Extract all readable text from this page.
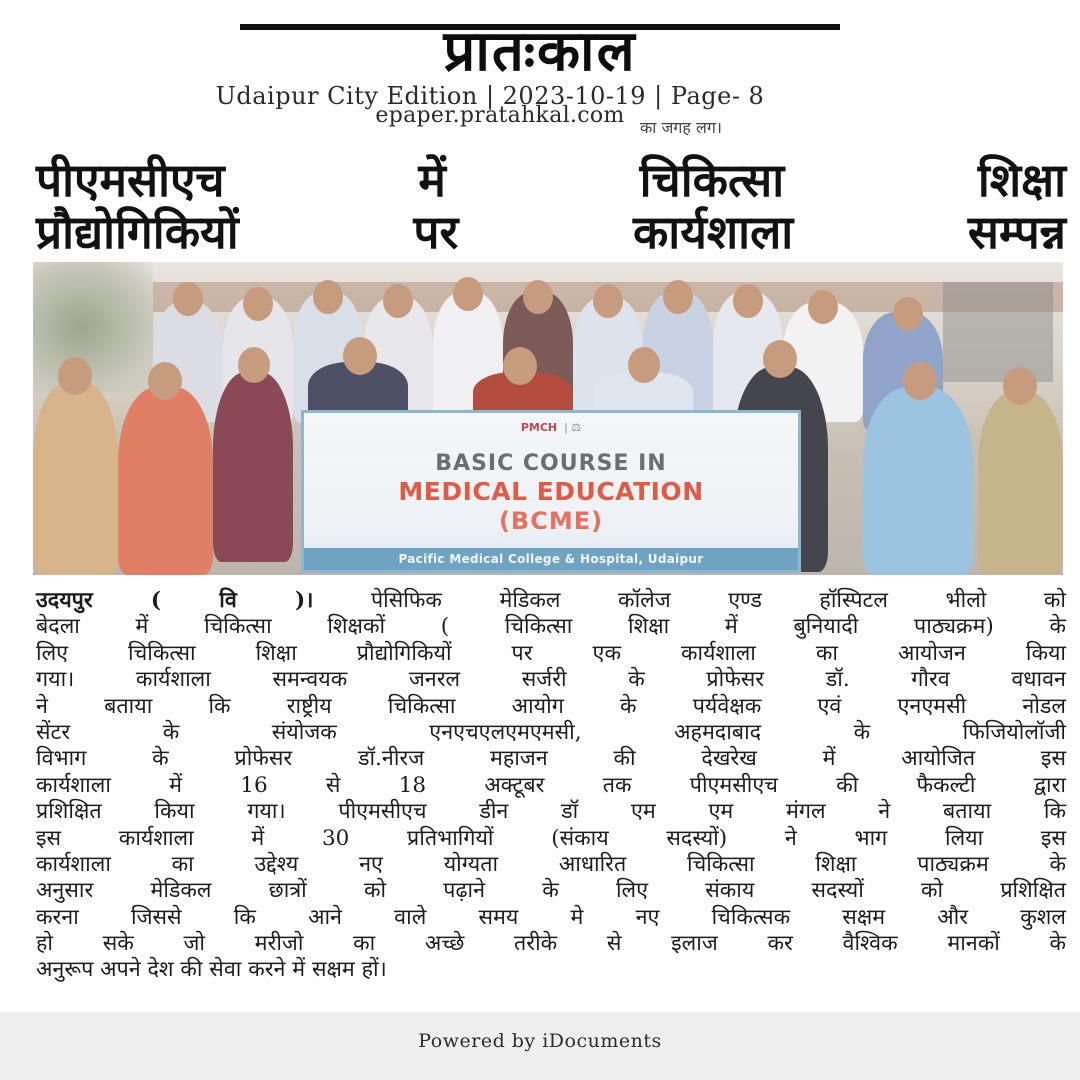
प्रातःकाल
Udaipur City Edition | 2023-10-19 | Page- 8
epaper.pratahkal.com का जगह लग।
पीएमसीएच में चिकित्सा शिक्षा
प्रौद्योगिकियों पर कार्यशाला सम्पन्न
PMCH  | ⚖
BASIC COURSE IN
MEDICAL EDUCATION
(BCME)
Pacific Medical College & Hospital, Udaipur
उदयपुर ( वि )।	पेसिफिक मेडिकल कॉलेज एण्ड हॉस्पिटल भीलो को
बेदला में चिकित्सा शिक्षकों ( चिकित्सा शिक्षा में बुनियादी पाठ्यक्रम) के
लिए चिकित्सा शिक्षा प्रौद्योगिकियों पर एक कार्यशाला का आयोजन किया
गया। कार्यशाला समन्वयक जनरल सर्जरी के प्रोफेसर डॉ. गौरव वधावन
ने बताया कि राष्ट्रीय चिकित्सा आयोग के पर्यवेक्षक एवं एनएमसी नोडल
सेंटर के संयोजक एनएचएलएमएमसी, अहमदाबाद के फिजियोलॉजी
विभाग के प्रोफेसर डॉ.नीरज महाजन की देखरेख में आयोजित इस
कार्यशाला में 16 से 18 अक्टूबर तक पीएमसीएच की फैकल्टी द्वारा
प्रशिक्षित किया गया। पीएमसीएच डीन डॉ एम एम मंगल ने बताया कि
इस कार्यशाला में 30 प्रतिभागियों (संकाय सदस्यों) ने भाग लिया इस
कार्यशाला का उद्देश्य नए योग्यता आधारित चिकित्सा शिक्षा पाठ्यक्रम के
अनुसार मेडिकल छात्रों को पढ़ाने के लिए संकाय सदस्यों को प्रशिक्षित
करना जिससे कि आने वाले समय मे नए चिकित्सक सक्षम और कुशल
हो सके जो मरीजो का अच्छे तरीके से इलाज कर वैश्विक मानकों के
अनुरूप अपने देश की सेवा करने में सक्षम हों।
Powered by iDocuments
